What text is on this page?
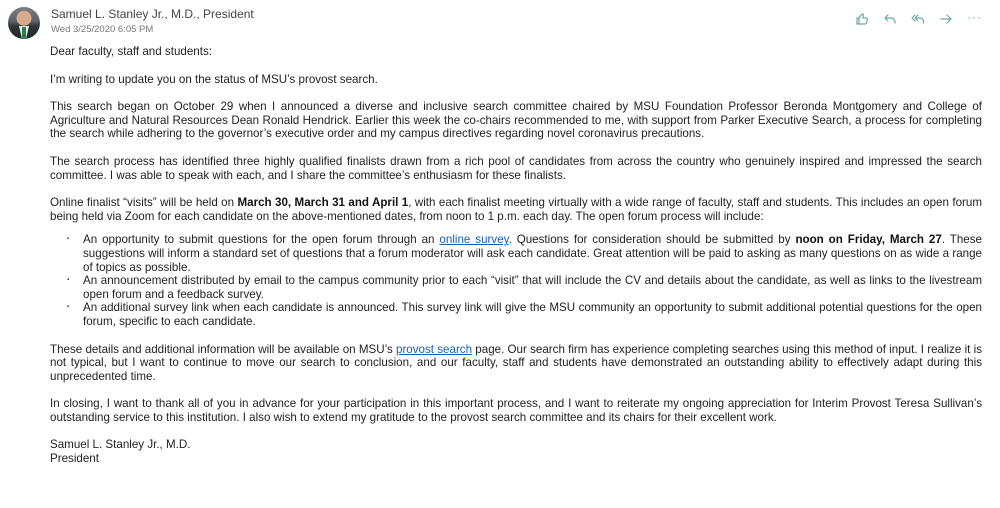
Samuel L. Stanley Jr., M.D., President
Wed 3/25/2020 6:05 PM
···

Dear faculty, staff and students:

I’m writing to update you on the status of MSU’s provost search.

This search began on October 29 when I announced a diverse and inclusive search committee chaired by MSU Foundation Professor Beronda Montgomery and College of Agriculture and Natural Resources Dean Ronald Hendrick. Earlier this week the co-chairs recommended to me, with support from Parker Executive Search, a process for completing the search while adhering to the governor’s executive order and my campus directives regarding novel coronavirus precautions.

The search process has identified three highly qualified finalists drawn from a rich pool of candidates from across the country who genuinely inspired and impressed the search committee. I was able to speak with each, and I share the committee’s enthusiasm for these finalists.

Online finalist “visits” will be held on March 30, March 31 and April 1, with each finalist meeting virtually with a wide range of faculty, staff and students. This includes an open forum being held via Zoom for each candidate on the above-mentioned dates, from noon to 1 p.m. each day. The open forum process will include:

▪ An opportunity to submit questions for the open forum through an online survey. Questions for consideration should be submitted by noon on Friday, March 27. These suggestions will inform a standard set of questions that a forum moderator will ask each candidate. Great attention will be paid to asking as many questions on as wide a range of topics as possible.
▪ An announcement distributed by email to the campus community prior to each “visit” that will include the CV and details about the candidate, as well as links to the livestream open forum and a feedback survey.
▪ An additional survey link when each candidate is announced. This survey link will give the MSU community an opportunity to submit additional potential questions for the open forum, specific to each candidate.

These details and additional information will be available on MSU’s provost search page. Our search firm has experience completing searches using this method of input. I realize it is not typical, but I want to continue to move our search to conclusion, and our faculty, staff and students have demonstrated an outstanding ability to effectively adapt during this unprecedented time.

In closing, I want to thank all of you in advance for your participation in this important process, and I want to reiterate my ongoing appreciation for Interim Provost Teresa Sullivan’s outstanding service to this institution. I also wish to extend my gratitude to the provost search committee and its chairs for their excellent work.

Samuel L. Stanley Jr., M.D.

President
